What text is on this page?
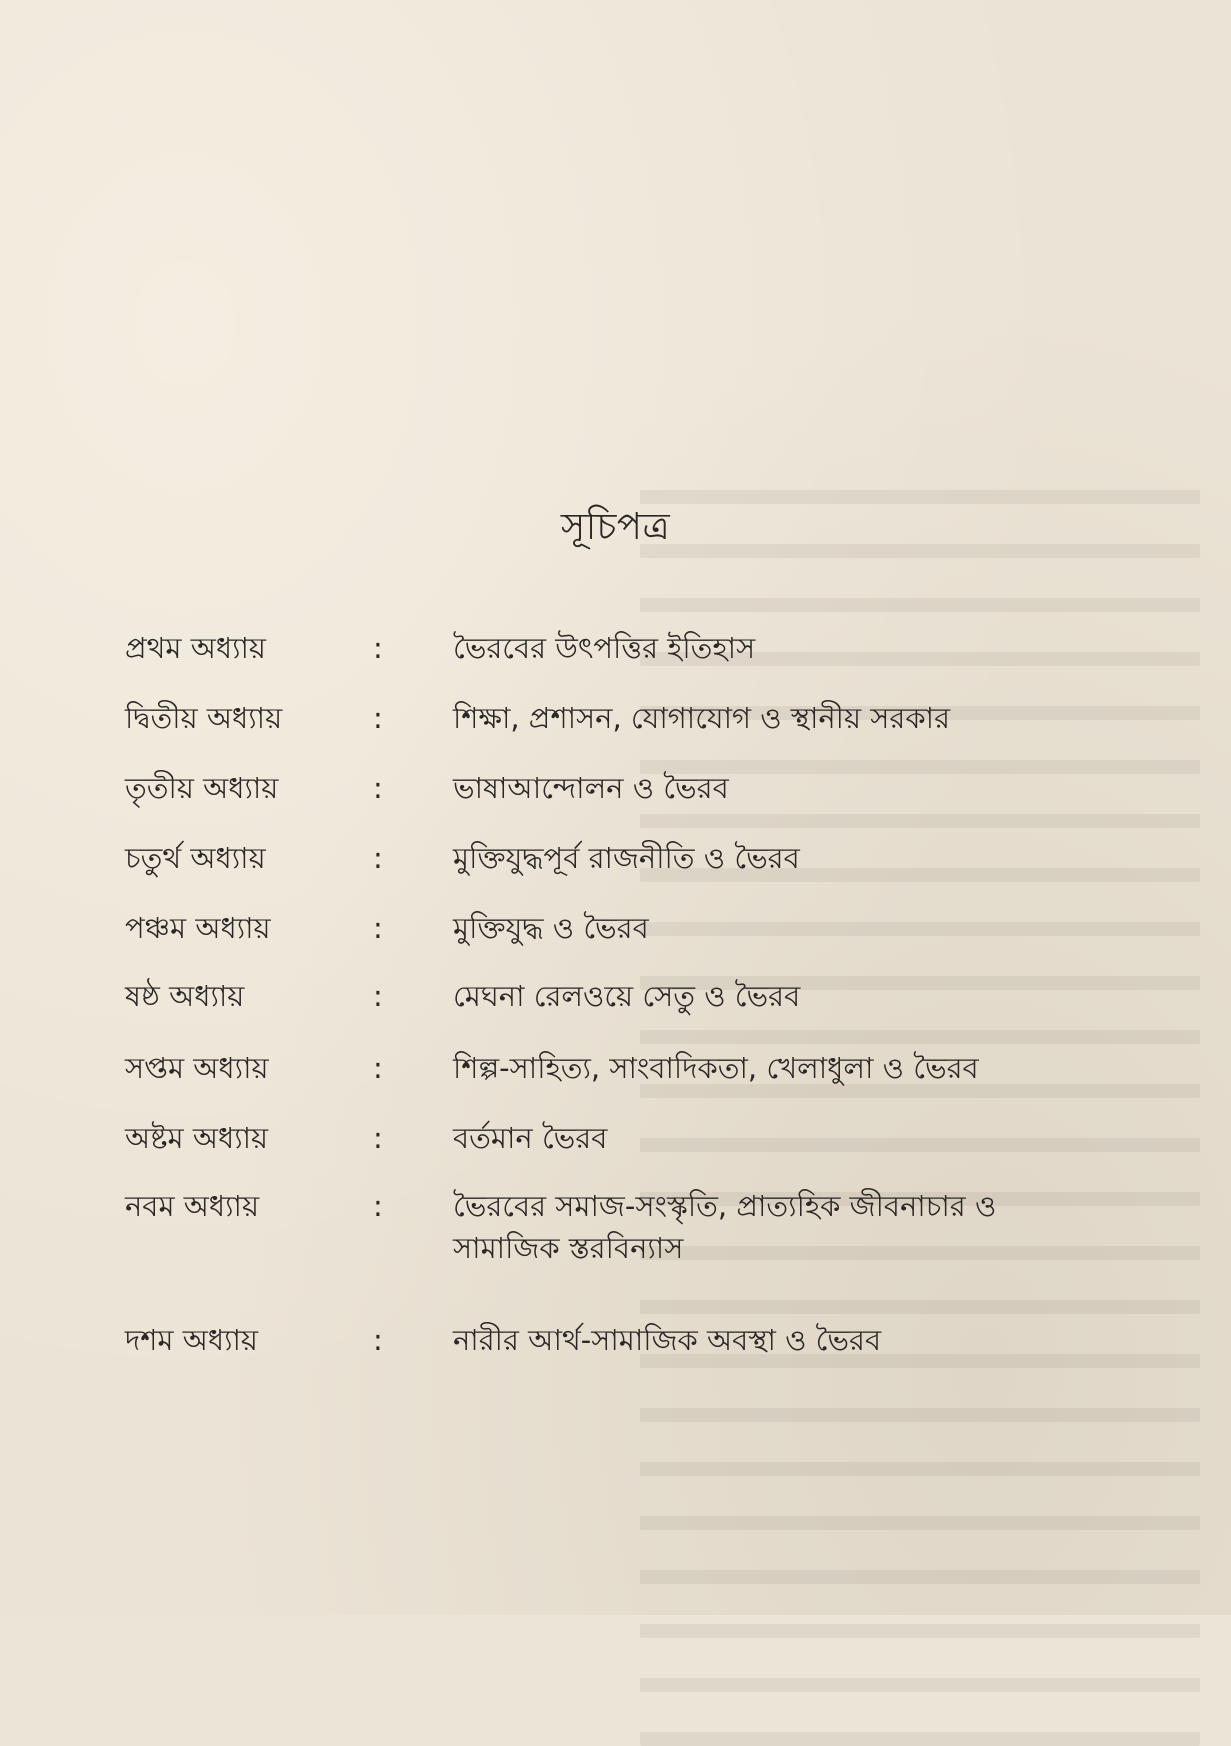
সূচিপত্র
প্রথম অধ্যায়	: ভৈরবের উৎপত্তির ইতিহাস
দ্বিতীয় অধ্যায়	: শিক্ষা, প্রশাসন, যোগাযোগ ও স্থানীয় সরকার
তৃতীয় অধ্যায়	: ভাষাআন্দোলন ও ভৈরব
চতুর্থ অধ্যায়	: মুক্তিযুদ্ধপূর্ব রাজনীতি ও ভৈরব
পঞ্চম অধ্যায়	: মুক্তিযুদ্ধ ও ভৈরব
ষষ্ঠ অধ্যায়	: মেঘনা রেলওয়ে সেতু ও ভৈরব
সপ্তম অধ্যায়	: শিল্প-সাহিত্য, সাংবাদিকতা, খেলাধুলা ও ভৈরব
অষ্টম অধ্যায়	: বর্তমান ভৈরব
নবম অধ্যায়	: ভৈরবের সমাজ-সংস্কৃতি, প্রাত্যহিক জীবনাচার ও
সামাজিক স্তরবিন্যাস
দশম অধ্যায়	: নারীর আর্থ-সামাজিক অবস্থা ও ভৈরব
